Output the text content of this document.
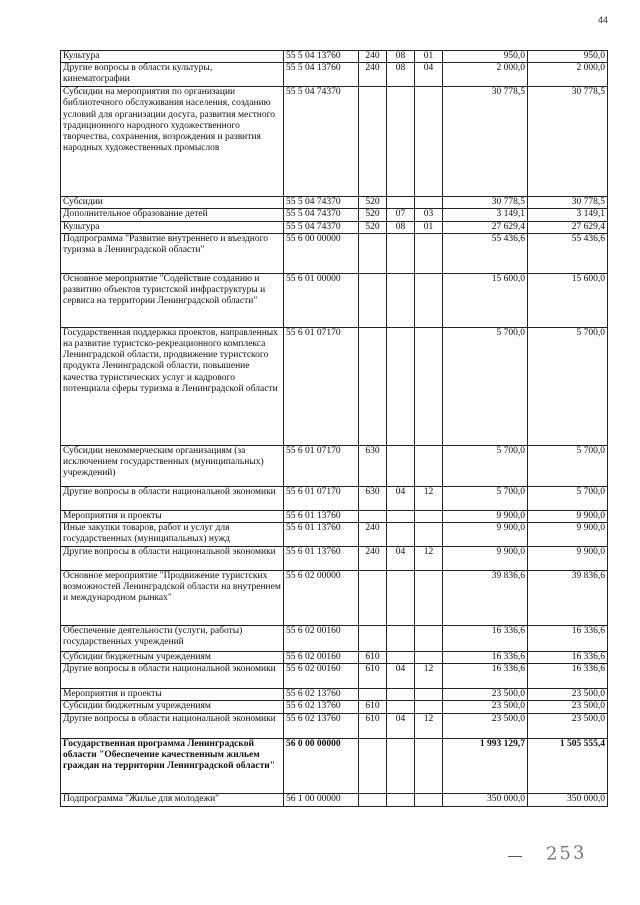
44
Культура	55 5 04 13760	240	08	01	950,0	950,0
Другие вопросы в области культуры, кинематографии	55 5 04 13760	240	08	04	2 000,0	2 000,0
Субсидии на мероприятия по организации библиотечного обслуживания населения, созданию условий для организации досуга, развития местного традиционного народного художественного творчества, сохранения, возрождения и развития народных художественных промыслов	55 5 04 74370				30 778,5	30 778,5
Субсидии	55 5 04 74370	520			30 778,5	30 778,5
Дополнительное образование детей	55 5 04 74370	520	07	03	3 149,1	3 149,1
Культура	55 5 04 74370	520	08	01	27 629,4	27 629,4
Подпрограмма "Развитие внутреннего и въездного туризма в Ленинградской области"	55 6 00 00000				55 436,6	55 436,6
Основное мероприятие "Содействие созданию и развитию объектов туристской инфраструктуры и сервиса на территории Ленинградской области"	55 6 01 00000				15 600,0	15 600,0
Государственная поддержка проектов, направленных на развитие туристско-рекреационного комплекса Ленинградской области, продвижение туристского продукта Ленинградской области, повышение качества туристических услуг и кадрового потенциала сферы туризма в Ленинградской области	55 6 01 07170				5 700,0	5 700,0
Субсидии некоммерческим организациям (за исключением государственных (муниципальных) учреждений)	55 6 01 07170	630			5 700,0	5 700,0
Другие вопросы в области национальной экономики	55 6 01 07170	630	04	12	5 700,0	5 700,0
Мероприятия и проекты	55 6 01 13760				9 900,0	9 900,0
Иные закупки товаров, работ и услуг для государственных (муниципальных) нужд	55 6 01 13760	240			9 900,0	9 900,0
Другие вопросы в области национальной экономики	55 6 01 13760	240	04	12	9 900,0	9 900,0
Основное мероприятие "Продвижение туристских возможностей Ленинградской области на внутреннем и международном рынках"	55 6 02 00000				39 836,6	39 836,6
Обеспечение деятельности (услуги, работы) государственных учреждений	55 6 02 00160				16 336,6	16 336,6
Субсидии бюджетным учреждениям	55 6 02 00160	610			16 336,6	16 336,6
Другие вопросы в области национальной экономики	55 6 02 00160	610	04	12	16 336,6	16 336,6
Мероприятия и проекты	55 6 02 13760				23 500,0	23 500,0
Субсидии бюджетным учреждениям	55 6 02 13760	610			23 500,0	23 500,0
Другие вопросы в области национальной экономики	55 6 02 13760	610	04	12	23 500,0	23 500,0
Государственная программа Ленинградской области "Обеспечение качественным жильем граждан на территории Ленинградской области"	56 0 00 00000				1 993 129,7	1 505 555,4
Подпрограмма "Жилье для молодежи"	56 1 00 00000				350 000,0	350 000,0
253
